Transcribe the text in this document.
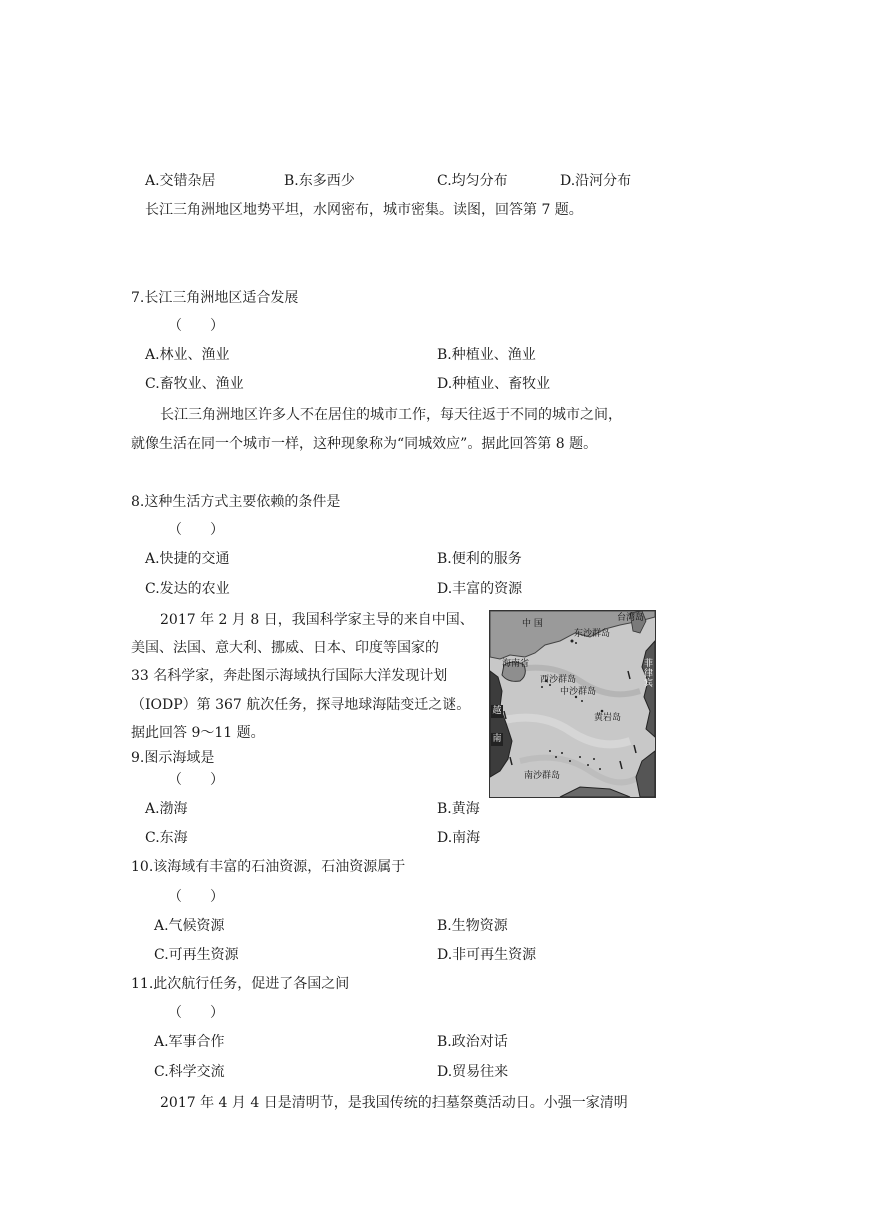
A.交错杂居	B.东多西少	C.均匀分布	D.沿河分布
长江三角洲地区地势平坦，水网密布，城市密集。读图，回答第 7 题。
7.长江三角洲地区适合发展
（　　）
A.林业、渔业	B.种植业、渔业
C.畜牧业、渔业	D.种植业、畜牧业
长江三角洲地区许多人不在居住的城市工作，每天往返于不同的城市之间，
就像生活在同一个城市一样，这种现象称为“同城效应”。据此回答第 8 题。
8.这种生活方式主要依赖的条件是
（　　）
A.快捷的交通	B.便利的服务
C.发达的农业	D.丰富的资源
2017 年 2 月 8 日，我国科学家主导的来自中国、
美国、法国、意大利、挪威、日本、印度等国家的
33 名科学家，奔赴图示海域执行国际大洋发现计划
（IODP）第 367 航次任务，探寻地球海陆变迁之谜。
据此回答 9～11 题。
中 国
台湾岛
东沙群岛
海南省
西沙群岛
中沙群岛
黄岩岛
菲律宾
越
南
南沙群岛
9.图示海域是
（　　）
A.渤海	B.黄海
C.东海	D.南海
10.该海域有丰富的石油资源，石油资源属于
（　　）
A.气候资源	B.生物资源
C.可再生资源	D.非可再生资源
11.此次航行任务，促进了各国之间
（　　）
A.军事合作	B.政治对话
C.科学交流	D.贸易往来
2017 年 4 月 4 日是清明节，是我国传统的扫墓祭奠活动日。小强一家清明
